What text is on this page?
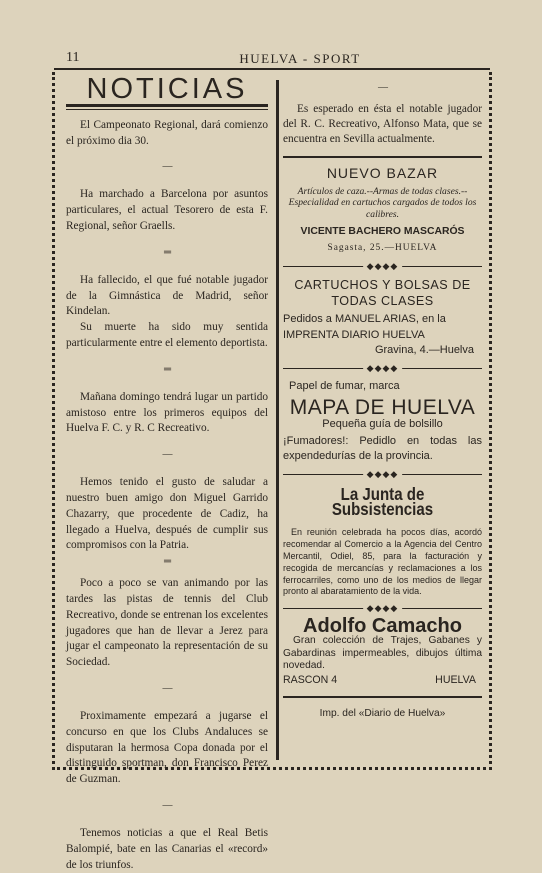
11	HUELVA - SPORT
NOTICIAS

El Campeonato Regional, dará comienzo el próximo dia 30.

—

Ha marchado a Barcelona por asuntos particulares, el actual Tesorero de esta F. Regional, señor Graells.

═

Ha fallecido, el que fué notable jugador de la Gimnástica de Madrid, señor Kindelan.

Su muerte ha sido muy sentida particularmente entre el elemento deportista.

═

Mañana domingo tendrá lugar un partido amistoso entre los primeros equipos del Huelva F. C. y R. C Recreativo.

—

Hemos tenido el gusto de saludar a nuestro buen amigo don Miguel Garrido Chazarry, que procedente de Cadiz, ha llegado a Huelva, después de cumplir sus compromisos con la Patria.

═

Poco a poco se van animando por las tardes las pistas de tennis del Club Recreativo, donde se entrenan los excelentes jugadores que han de llevar a Jerez para jugar el campeonato la representación de su Sociedad.

—

Proximamente empezará a jugarse el concurso en que los Clubs Andaluces se disputaran la hermosa Copa donada por el distinguido sportman, don Francisco Perez de Guzman.

—

Tenemos noticias a que el Real Betis Balompié, bate en las Canarias el «record» de los triunfos.

—

Es esperado en ésta el notable jugador del R. C. Recreativo, Alfonso Mata, que se encuentra en Sevilla actualmente.

NUEVO BAZAR
Artículos de caza.--Armas de todas clases.--Especialidad en cartuchos cargados de todos los calibres.
VICENTE BACHERO MASCARÓS
Sagasta, 25.—HUELVA
◆◆◆◆
CARTUCHOS Y BOLSAS DE TODAS CLASES
Pedidos a MANUEL ARIAS, en la IMPRENTA DIARIO HUELVA
Gravina, 4.—Huelva
◆◆◆◆
Papel de fumar, marca
MAPA DE HUELVA
Pequeña guía de bolsillo
¡Fumadores!: Pedidlo en todas las expendedurías de la provincia.
◆◆◆◆
La Junta de Subsistencias
En reunión celebrada ha pocos días, acordó recomendar al Comercio a la Agencia del Centro Mercantil, Odiel, 85, para la facturación y recogida de mercancías y reclamaciones a los ferrocarriles, como uno de los medios de llegar pronto al abaratamiento de la vida.
◆◆◆◆
Adolfo Camacho
Gran colección de Trajes, Gabanes y Gabardinas impermeables, dibujos última novedad.
RASCON 4	HUELVA
Imp. del «Diario de Huelva»
